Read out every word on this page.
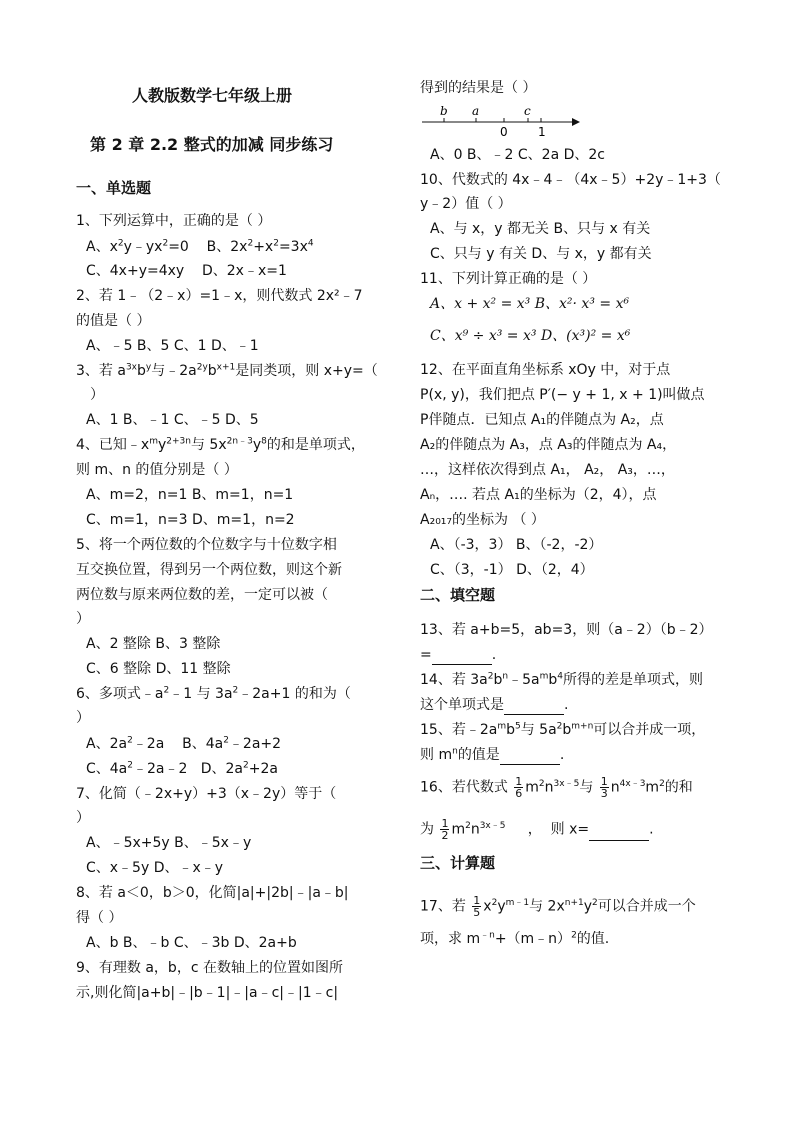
人教版数学七年级上册
第 2 章 2.2 整式的加减 同步练习
一、单选题
1、下列运算中，正确的是（ ）
A、$x^2y﹣yx^2=0$    B、$2x^2+x^2=3x^4$
C、4x+y=4xy    D、2x﹣x=1
2、若 1﹣（2﹣x）=1﹣x，则代数式 2x²﹣7
的值是（ ）
A、﹣5 B、5 C、1 D、﹣1
3、若 $a^{3x}b^y$与$﹣2a^{2y}b^{x+1}$是同类项，则 x+y=（
）
A、1 B、﹣1 C、﹣5 D、5
4、已知$﹣x^my^{2+3n}$与 $5x^{2n﹣3}y^8$的和是单项式，
则 m、n 的值分别是（ ）
A、m=2，n=1 B、m=1，n=1
C、m=1，n=3 D、m=1，n=2
5、将一个两位数的个位数字与十位数字相
互交换位置，得到另一个两位数，则这个新
两位数与原来两位数的差，一定可以被（
）
A、2 整除 B、3 整除
C、6 整除 D、11 整除
6、多项式$﹣a^2﹣1$ 与 $3a^2﹣2a+1$ 的和为（
）
A、$2a^2﹣2a$    B、$4a^2﹣2a+2$
C、$4a^2﹣2a﹣2$   D、$2a^2+2a$
7、化简（﹣2x+y）+3（x﹣2y）等于（
）
A、﹣5x+5y B、﹣5x﹣y
C、x﹣5y D、﹣x﹣y
8、若 a＜0，b＞0，化简|a|+|2b|﹣|a﹣b|
得（ ）
A、b B、﹣b C、﹣3b D、2a+b
9、有理数 a，b，c 在数轴上的位置如图所
示,则化简|a+b|﹣|b﹣1|﹣|a﹣c|﹣|1﹣c|
得到的结果是（ ）
b a	c
0	1
A、0 B、﹣2 C、2a D、2c
10、代数式的 4x﹣4﹣（4x﹣5）+2y﹣1+3（
y﹣2）值（ ）
A、与 x，y 都无关 B、只与 x 有关
C、只与 y 有关 D、与 x，y 都有关
11、下列计算正确的是（ ）
A、x + x² = x³ B、x²· x³ = x⁶
C、x⁹ ÷ x³ = x³ D、(x³)² = x⁶
12、在平面直角坐标系 xOy 中，对于点
P(x, y)，我们把点 P′(− y + 1, x + 1)叫做点
P伴随点．已知点 A₁的伴随点为 A₂，点
A₂的伴随点为 A₃，点 A₃的伴随点为 A₄，
…，这样依次得到点 A₁， A₂， A₃，…，
Aₙ，…. 若点 A₁的坐标为（2，4），点
A₂₀₁₇的坐标为 （ ）
A、（-3，3） B、（-2，-2）
C、（3，-1） D、（2，4）
二、填空题
13、若 a+b=5，ab=3，则（a﹣2）（b﹣2）
=	.
14、若 $3a^2b^n﹣5a^mb^4$所得的差是单项式，则
这个单项式是	.
15、若$﹣2a^mb^5$与 $5a^2b^{m+n}$可以合并成一项，
则 $m^n$的值是	.
16、若代数式 $\frac{1}{6} m^2n^{3x﹣5}$与 $\frac{1}{3} n^{4x﹣3}m^2$的和
为 $\frac{1}{2} m^2n^{3x﹣5}$     ，  则 x=	.
三、计算题
17、若 $\frac{1}{5} x^2y^{m﹣1}$与 $2x^{n+1}y^2$可以合并成一个
项，求 $m^{﹣n}+(m﹣n)^2$的值.
